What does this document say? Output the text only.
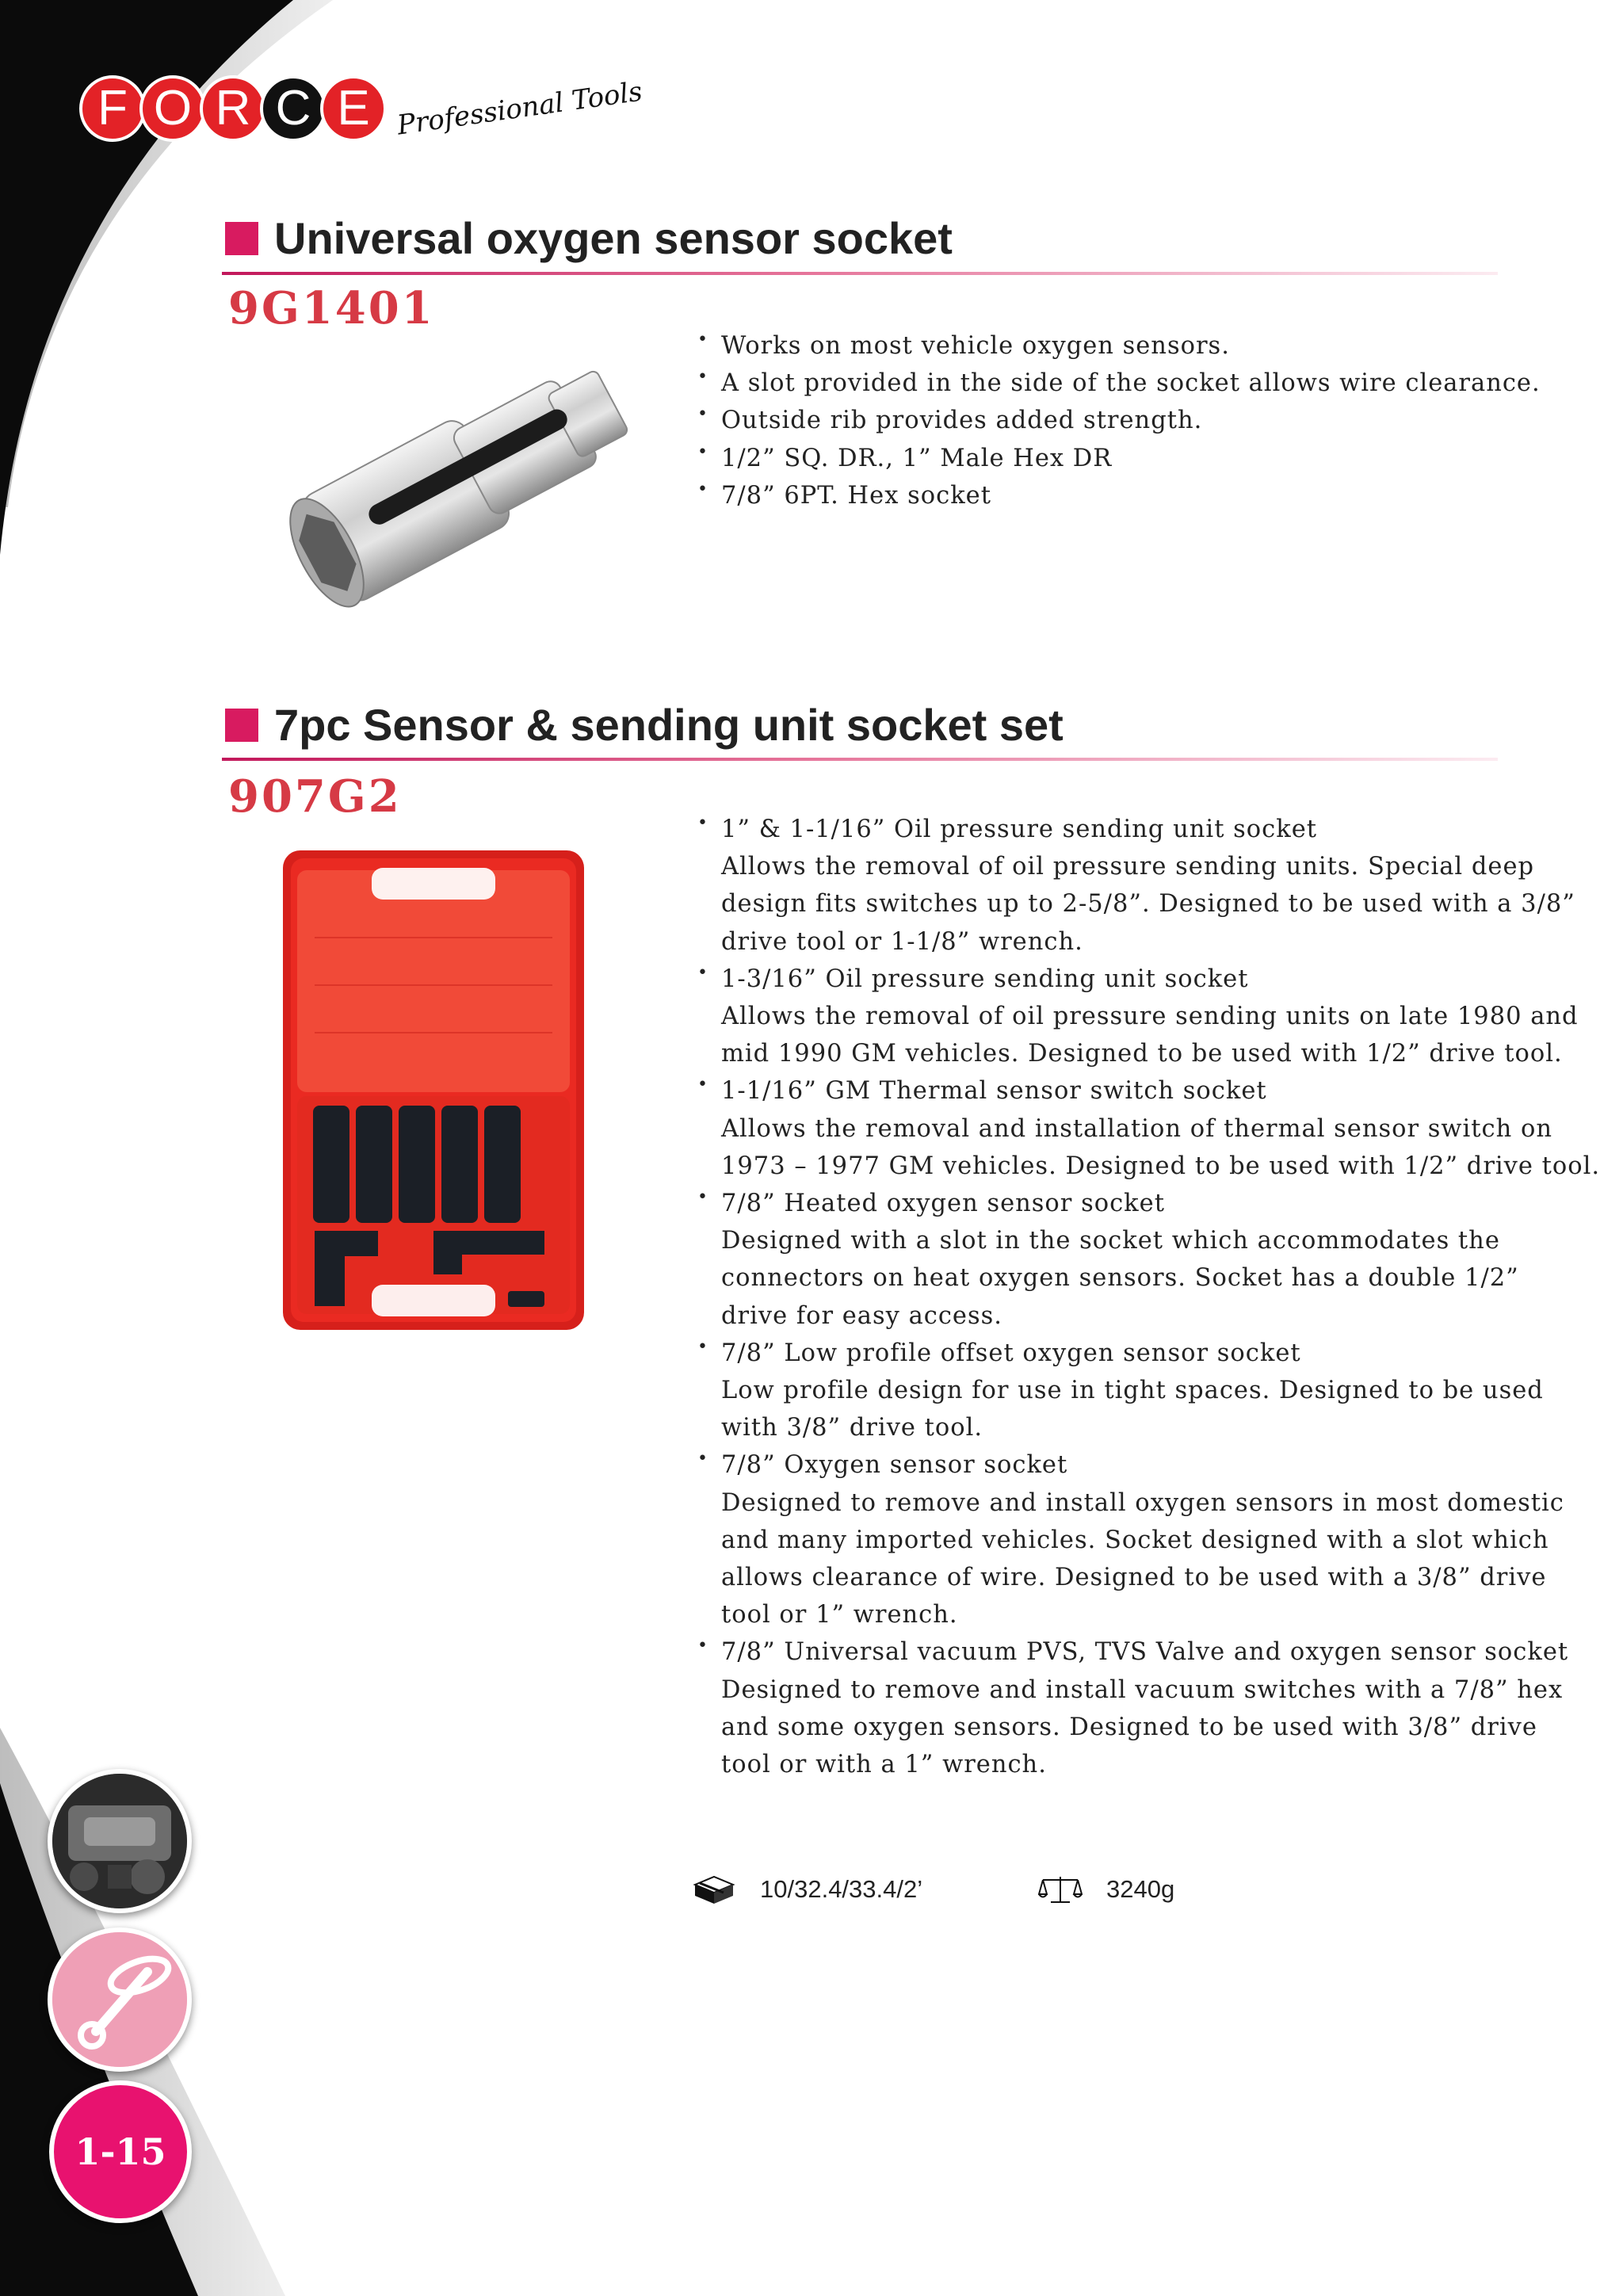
F O R C E Professional Tools
Universal oxygen sensor socket
9G1401
• Works on most vehicle oxygen sensors.
• A slot provided in the side of the socket allows wire clearance.
• Outside rib provides added strength.
• 1/2” SQ. DR., 1” Male Hex DR
• 7/8” 6PT. Hex socket
7pc Sensor & sending unit socket set
907G2
• 1” & 1-1/16” Oil pressure sending unit socket
Allows the removal of oil pressure sending units. Special deep
design fits switches up to 2-5/8”. Designed to be used with a 3/8”
drive tool or 1-1/8” wrench.
• 1-3/16” Oil pressure sending unit socket
Allows the removal of oil pressure sending units on late 1980 and
mid 1990 GM vehicles. Designed to be used with 1/2” drive tool.
• 1-1/16” GM Thermal sensor switch socket
Allows the removal and installation of thermal sensor switch on
1973 – 1977 GM vehicles. Designed to be used with 1/2” drive tool.
• 7/8” Heated oxygen sensor socket
Designed with a slot in the socket which accommodates the
connectors on heat oxygen sensors. Socket has a double 1/2”
drive for easy access.
• 7/8” Low profile offset oxygen sensor socket
Low profile design for use in tight spaces. Designed to be used
with 3/8” drive tool.
• 7/8” Oxygen sensor socket
Designed to remove and install oxygen sensors in most domestic
and many imported vehicles. Socket designed with a slot which
allows clearance of wire. Designed to be used with a 3/8” drive
tool or 1” wrench.
• 7/8” Universal vacuum PVS, TVS Valve and oxygen sensor socket
Designed to remove and install vacuum switches with a 7/8” hex
and some oxygen sensors. Designed to be used with 3/8” drive
tool or with a 1” wrench.
10/32.4/33.4/2’	3240g
1-15
